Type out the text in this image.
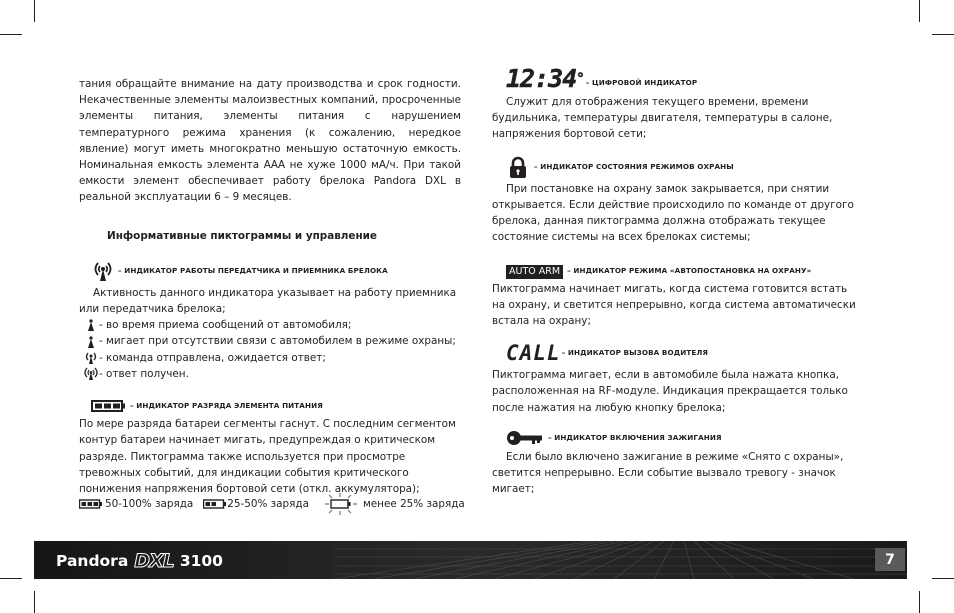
тания обращайте внимание на дату производства и срок годности. Некачественные элементы малоизвестных компаний, просроченные элементы питания, элементы питания с нарушением температурного режима хранения (к сожалению, нередкое явление) могут иметь многократно меньшую остаточную емкость. Номинальная емкость элемента ААА не хуже 1000 мА/ч. При такой емкости элемент обеспечивает работу брелока Pandora DXL в реальной эксплуатации 6 – 9 месяцев.

Информативные пиктограммы и управление

– ИНДИКАТОР РАБОТЫ ПЕРЕДАТЧИКА И ПРИЕМНИКА БРЕЛОКА

Активность данного индикатора указывает на работу приемника или передатчика брелока;

- во время приема сообщений от автомобиля;
- мигает при отсутствии связи с автомобилем в режиме охраны;
- команда отправлена, ожидается ответ;
- ответ получен.
– ИНДИКАТОР РАЗРЯДА ЭЛЕМЕНТА ПИТАНИЯ

По мере разряда батареи сегменты гаснут. С последним сегментом контур батареи начинает мигать, предупреждая о критическом разряде. Пиктограмма также используется при просмотре тревожных событий, для индикации события критического понижения напряжения бортовой сети (откл. аккумулятора);

50-100% заряда	25-50% заряда	менее 25% заряда
12:34° – ЦИФРОВОЙ ИНДИКАТОР

Служит для отображения текущего времени, времени будильника, температуры двигателя, температуры в салоне, напряжения бортовой сети;

– ИНДИКАТОР СОСТОЯНИЯ РЕЖИМОВ ОХРАНЫ

При постановке на охрану замок закрывается, при снятии открывается. Если действие происходило по команде от другого брелока, данная пиктограмма должна отображать текущее состояние системы на всех брелоках системы;

AUTO ARM – ИНДИКАТОР РЕЖИМА «АВТОПОСТАНОВКА НА ОХРАНУ»

Пиктограмма начинает мигать, когда система готовится встать на охрану, и светится непрерывно, когда система автоматически встала на охрану;

CALL – ИНДИКАТОР ВЫЗОВА ВОДИТЕЛЯ

Пиктограмма мигает, если в автомобиле была нажата кнопка, расположенная на RF-модуле. Индикация прекращается только после нажатия на любую кнопку брелока;

– ИНДИКАТОР ВКЛЮЧЕНИЯ ЗАЖИГАНИЯ

Если было включено зажигание в режиме «Снято с охраны», светится непрерывно. Если событие вызвало тревогу - значок мигает;

Pandora DXL 3100	7
